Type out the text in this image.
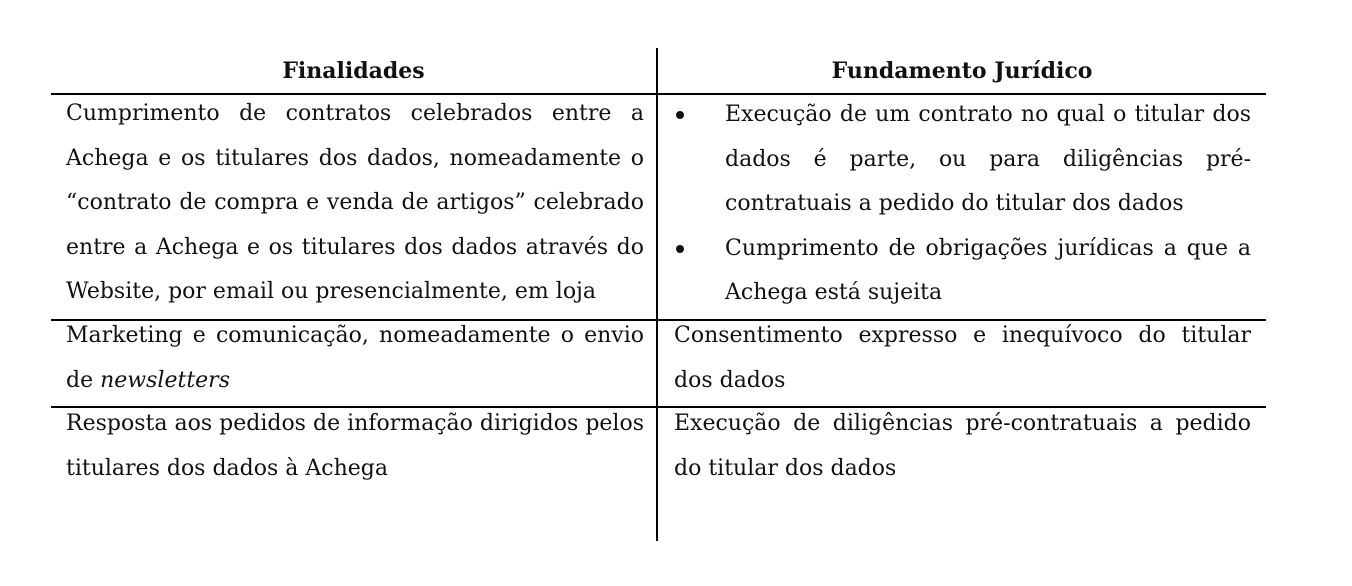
Finalidades	Fundamento Jurídico
Cumprimento de contratos celebrados entre a Achega e os titulares dos dados, nomeadamente o “contrato de compra e venda de artigos” celebrado entre a Achega e os titulares dos dados através do Website, por email ou presencialmente, em loja
Execução de um contrato no qual o titular dos dados é parte, ou para diligências pré-contratuais a pedido do titular dos dados
Cumprimento de obrigações jurídicas a que a Achega está sujeita
Marketing e comunicação, nomeadamente o envio de newsletters
Consentimento expresso e inequívoco do titular dos dados
Resposta aos pedidos de informação dirigidos pelos titulares dos dados à Achega
Execução de diligências pré-contratuais a pedido do titular dos dados
